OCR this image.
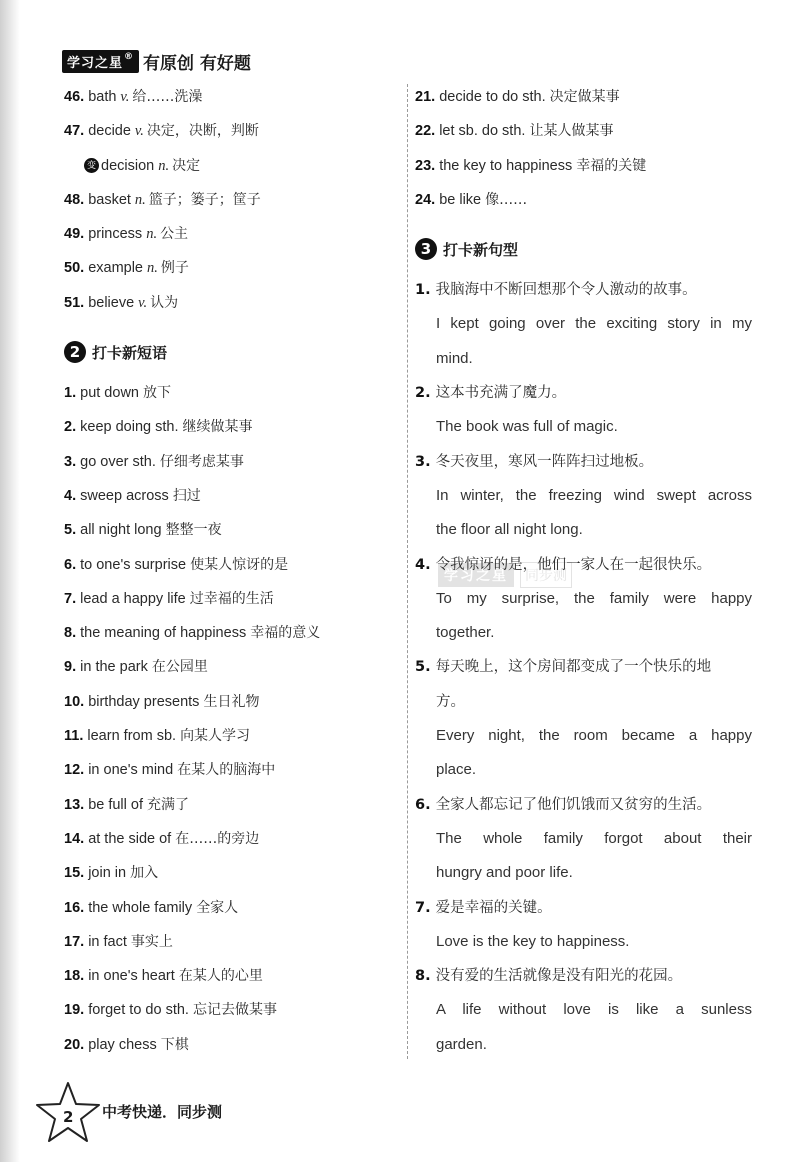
学习之星® 有原创 有好题
46. bath v. 给……洗澡
47. decide v. 决定，决断，判断
变 decision n. 决定
48. basket n. 篮子；篓子；筐子
49. princess n. 公主
50. example n. 例子
51. believe v. 认为
2 打卡新短语
1. put down 放下
2. keep doing sth. 继续做某事
3. go over sth. 仔细考虑某事
4. sweep across 扫过
5. all night long 整整一夜
6. to one's surprise 使某人惊讶的是
7. lead a happy life 过幸福的生活
8. the meaning of happiness 幸福的意义
9. in the park 在公园里
10. birthday presents 生日礼物
11. learn from sb. 向某人学习
12. in one's mind 在某人的脑海中
13. be full of 充满了
14. at the side of 在……的旁边
15. join in 加入
16. the whole family 全家人
17. in fact 事实上
18. in one's heart 在某人的心里
19. forget to do sth. 忘记去做某事
20. play chess 下棋
21. decide to do sth. 决定做某事
22. let sb. do sth. 让某人做某事
23. the key to happiness 幸福的关键
24. be like 像……
3 打卡新句型
1. 我脑海中不断回想那个令人激动的故事。
I kept going over the exciting story in my
mind.
2. 这本书充满了魔力。
The book was full of magic.
3. 冬天夜里，寒风一阵阵扫过地板。
In winter, the freezing wind swept across
the floor all night long.
4. 令我惊讶的是，他们一家人在一起很快乐。
To my surprise, the family were happy
together.
5. 每天晚上，这个房间都变成了一个快乐的地
方。
Every night, the room became a happy
place.
6. 全家人都忘记了他们饥饿而又贫穷的生活。
The whole family forgot about their
hungry and poor life.
7. 爱是幸福的关键。
Love is the key to happiness.
8. 没有爱的生活就像是没有阳光的花园。
A life without love is like a sunless
garden.
学习之星	同步测
2 中考快递．同步测
